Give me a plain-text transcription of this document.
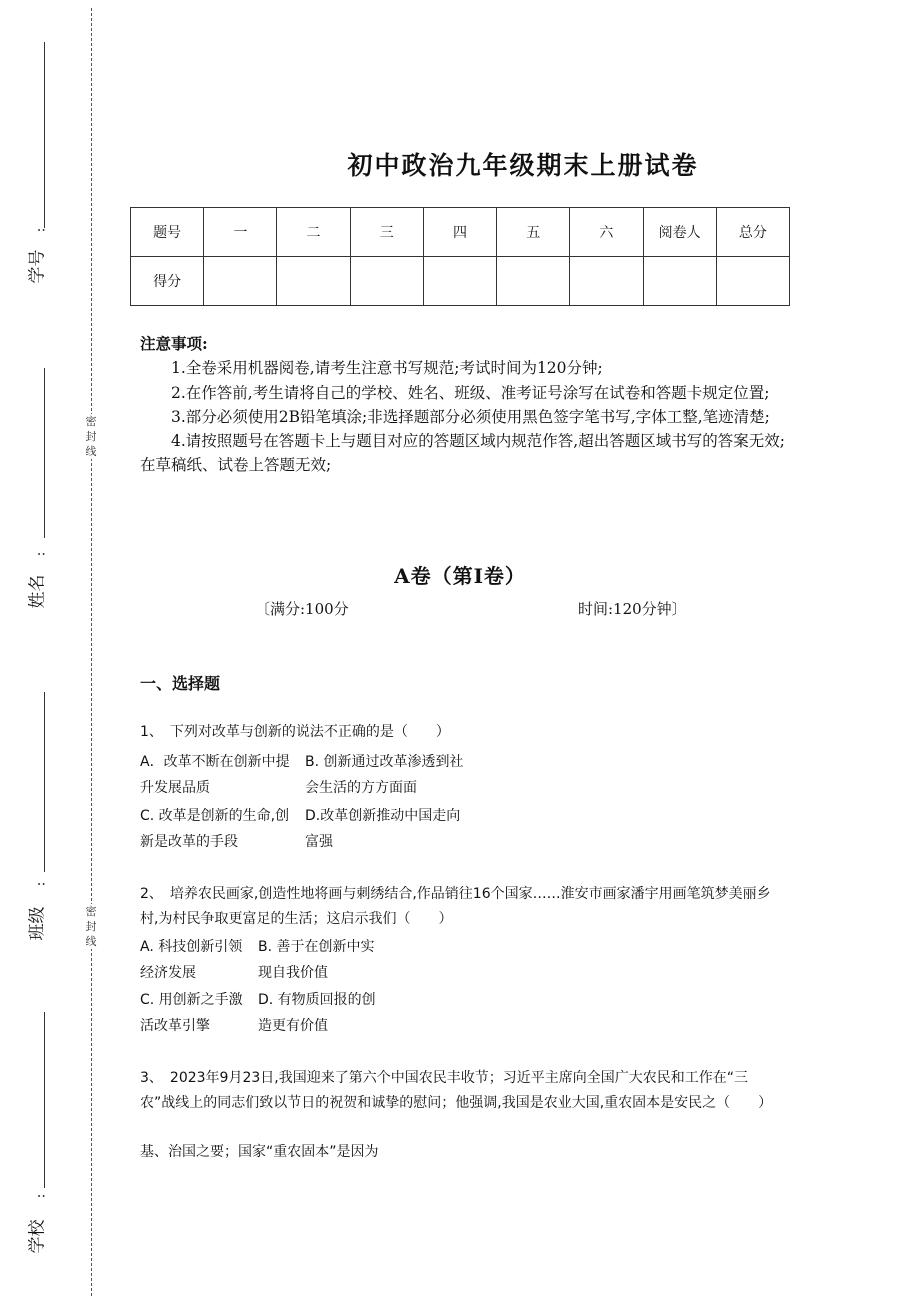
:
学号
:
姓名
:
班级
:
学校
密封线
密封线
初中政治九年级期末上册试卷
题号	一	二	三	四	五	六	阅卷人	总分
得分								
注意事项:

1.全卷采用机器阅卷,请考生注意书写规范;考试时间为120分钟;

2.在作答前,考生请将自己的学校、姓名、班级、准考证号涂写在试卷和答题卡规定位置;

3.部分必须使用2B铅笔填涂;非选择题部分必须使用黑色签字笔书写,字体工整,笔迹清楚;

4.请按照题号在答题卡上与题目对应的答题区域内规范作答,超出答题区域书写的答案无效;在草稿纸、试卷上答题无效;

A卷（第Ⅰ卷）
〔满分:100分	时间:120分钟〕
一、选择题
1、　下列对改革与创新的说法不正确的是（　　）
A．改革不断在创新中提升发展品质
B. 创新通过改革渗透到社会生活的方方面面
C. 改革是创新的生命,创新是改革的手段
D.改革创新推动中国走向富强
2、　培养农民画家,创造性地将画与刺绣结合,作品销往16个国家……淮安市画家潘宇用画笔筑梦美丽乡村,为村民争取更富足的生活；这启示我们（　　）
A. 科技创新引领经济发展
B. 善于在创新中实现自我价值
C. 用创新之手激活改革引擎
D. 有物质回报的创造更有价值
3、　2023年9月23日,我国迎来了第六个中国农民丰收节；习近平主席向全国广大农民和工作在“三农”战线上的同志们致以节日的祝贺和诚挚的慰问；他强调,我国是农业大国,重农固本是安民之（　　）
基、治国之要；国家“重农固本”是因为
